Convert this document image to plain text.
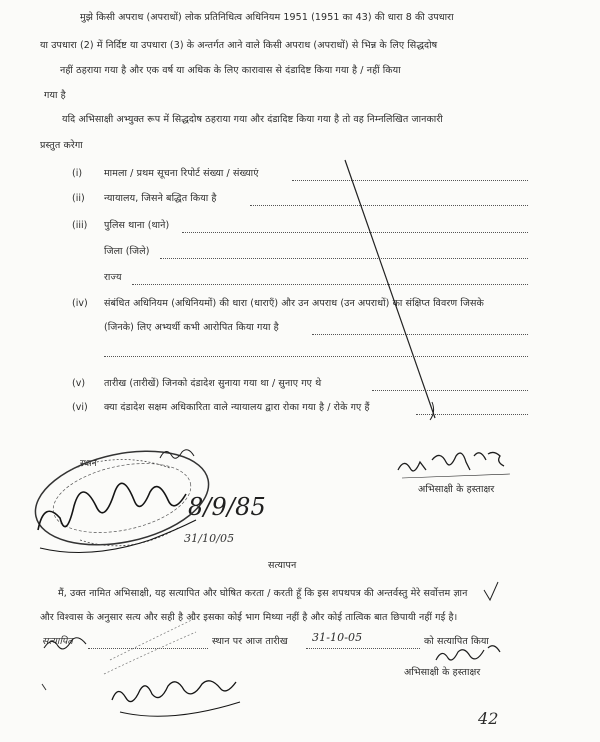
मुझे किसी अपराध (अपराधों) लोक प्रतिनिधित्व अधिनियम 1951 (1951 का 43) की धारा 8 की उपधारा
या उपधारा (2) में निर्दिष्ट या उपधारा (3) के अन्तर्गत आने वाले किसी अपराध (अपराधों) से भिन्न के लिए सिद्धदोष
नहीं ठहराया गया है और एक वर्ष या अधिक के लिए कारावास से दंडादिष्ट किया गया है / नहीं किया
गया है
यदि अभिसाक्षी अभ्युक्त रूप में सिद्धदोष ठहराया गया और दंडादिष्ट किया गया है तो वह निम्नलिखित जानकारी
प्रस्तुत करेगा
(i) मामला / प्रथम सूचना रिपोर्ट संख्या / संख्याएं
(ii) न्यायालय, जिसने बद्धित किया है
(iii) पुलिस थाना (थाने)
जिला (जिले)
राज्य
(iv) संबंधित अधिनियम (अधिनियमों) की धारा (धाराएँ) और उन अपराध (उन अपराधों) का संक्षिप्त विवरण जिसके
(जिनके) लिए अभ्यर्थी कभी आरोपित किया गया है
(v) तारीख (तारीखें) जिनको दंडादेश सुनाया गया था / सुनाए गए थे
(vi) क्या दंडादेश सक्षम अधिकारिता वाले न्यायालय द्वारा रोका गया है / रोके गए हैं
स्थान
अभिसाक्षी के हस्ताक्षर
8/9/85
31/10/05
सत्यापन
मैं, उक्त नामित अभिसाक्षी, यह सत्यापित और घोषित करता / करती हूँ कि इस शपथपत्र की अन्तर्वस्तु मेरे सर्वोत्तम ज्ञान
और विश्वास के अनुसार सत्य और सही है और इसका कोई भाग मिथ्या नहीं है और कोई तात्विक बात छिपायी नहीं गई है।
सत्यापित	स्थान पर आज तारीख 31-10-05	को सत्यापित किया
अभिसाक्षी के हस्ताक्षर
42
